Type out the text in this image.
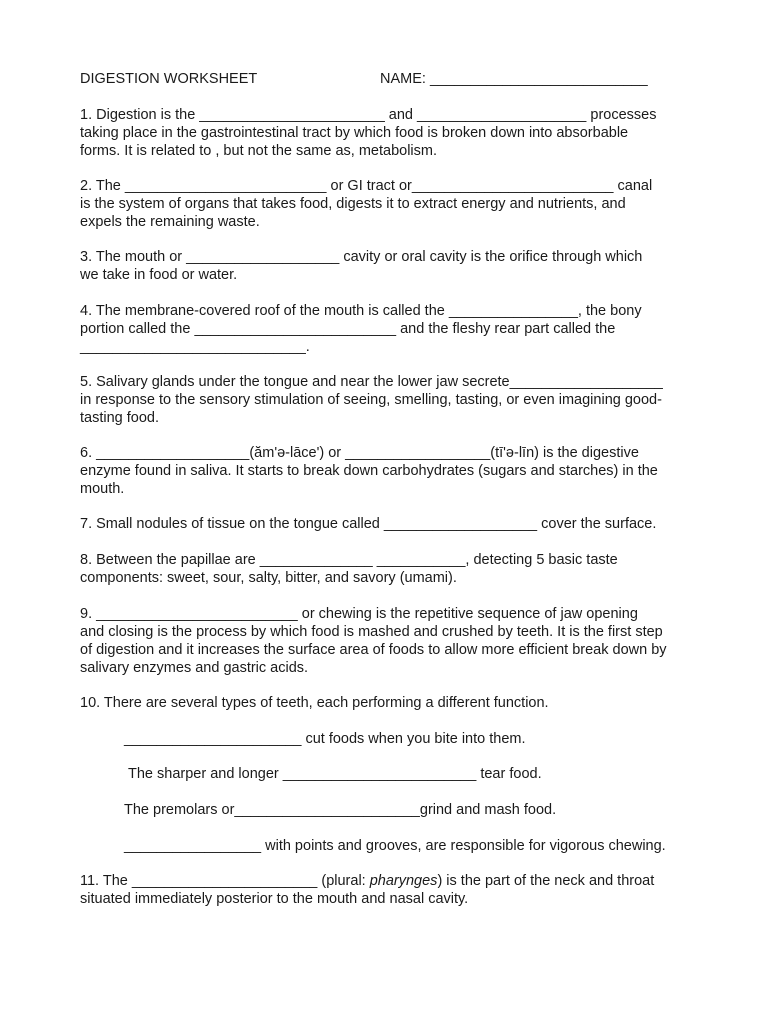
DIGESTION WORKSHEET	NAME: ___________________________
1. Digestion is the _______________________ and _____________________ processes
taking place in the gastrointestinal tract by which food is broken down into absorbable
forms. It is related to , but not the same as, metabolism.
2. The _________________________ or GI tract or_________________________ canal
is the system of organs that takes food, digests it to extract energy and nutrients, and
expels the remaining waste.
3. The mouth or ___________________ cavity or oral cavity is the orifice through which
we take in food or water.
4. The membrane-covered roof of the mouth is called the ________________, the bony
portion called the _________________________ and the fleshy rear part called the
____________________________.
5. Salivary glands under the tongue and near the lower jaw secrete___________________
in response to the sensory stimulation of seeing, smelling, tasting, or even imagining good-
tasting food.
6. ___________________(ăm'ə-lāce') or __________________(tī'ə-līn) is the digestive
enzyme found in saliva. It starts to break down carbohydrates (sugars and starches) in the
mouth.
7. Small nodules of tissue on the tongue called ___________________ cover the surface.
8. Between the papillae are ______________ ___________, detecting 5 basic taste
components: sweet, sour, salty, bitter, and savory (umami).
9. _________________________ or chewing is the repetitive sequence of jaw opening
and closing is the process by which food is mashed and crushed by teeth. It is the first step
of digestion and it increases the surface area of foods to allow more efficient break down by
salivary enzymes and gastric acids.
10. There are several types of teeth, each performing a different function.
______________________ cut foods when you bite into them.
The sharper and longer ________________________ tear food.
The premolars or_______________________grind and mash food.
_________________ with points and grooves, are responsible for vigorous chewing.
11. The _______________________ (plural: pharynges) is the part of the neck and throat
situated immediately posterior to the mouth and nasal cavity.
